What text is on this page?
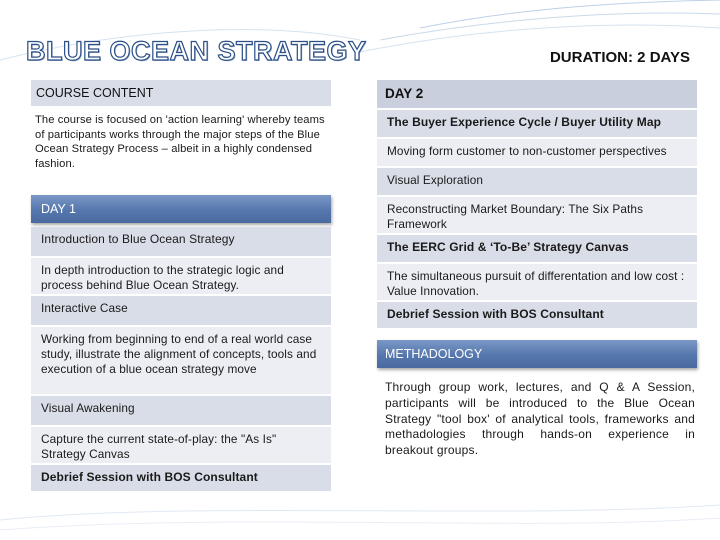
BLUE OCEAN STRATEGY	DURATION: 2 DAYS
COURSE CONTENT
The course is focused on 'action learning' whereby teams of participants works through the major steps of the Blue Ocean Strategy Process – albeit in a highly condensed fashion.
DAY 1
Introduction to Blue Ocean Strategy
In depth introduction to the strategic logic and process behind Blue Ocean Strategy.
Interactive Case
Working from beginning to end of a real world case study, illustrate the alignment of concepts, tools and execution of a blue ocean strategy move
Visual Awakening
Capture the current state-of-play: the "As Is" Strategy Canvas
Debrief Session with BOS Consultant
DAY 2
The Buyer Experience Cycle / Buyer Utility Map
Moving form customer to non-customer perspectives
Visual Exploration
Reconstructing Market Boundary: The Six Paths Framework
The EERC Grid & ‘To-Be’ Strategy Canvas
The simultaneous pursuit of differentation and low cost : Value Innovation.
Debrief Session with BOS Consultant
METHADOLOGY
Through group work, lectures, and Q & A Session, participants will be introduced to the Blue Ocean Strategy "tool box' of analytical tools, frameworks and methadologies through hands-on experience in breakout groups.
